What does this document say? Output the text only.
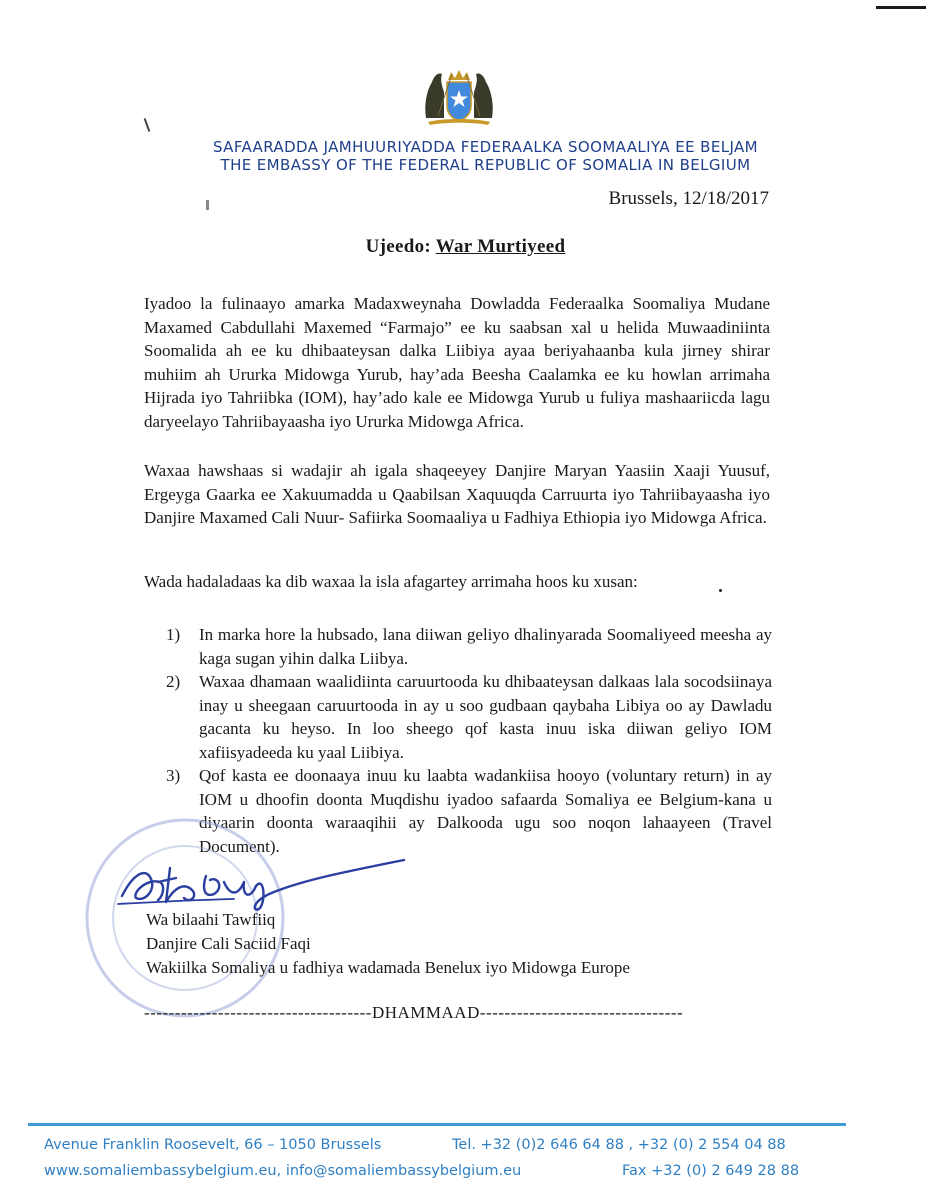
SAFAARADDA JAMHUURIYADDA FEDERAALKA SOOMAALIYA EE BELJAM
THE EMBASSY OF THE FEDERAL REPUBLIC OF SOMALIA IN BELGIUM
Brussels, 12/18/2017
Ujeedo: War Murtiyeed

Iyadoo la fulinaayo amarka Madaxweynaha Dowladda Federaalka Soomaliya Mudane Maxamed Cabdullahi Maxemed “Farmajo” ee ku saabsan xal u helida Muwaadiniinta Soomalida ah ee ku dhibaateysan dalka Liibiya ayaa beriyahaanba kula jirney shirar muhiim ah Ururka Midowga Yurub, hay’ada Beesha Caalamka ee ku howlan arrimaha Hijrada iyo Tahriibka (IOM), hay’ado kale ee Midowga Yurub u fuliya mashaariicda lagu daryeelayo Tahriibayaasha iyo Ururka Midowga Africa.

Waxaa hawshaas si wadajir ah igala shaqeeyey Danjire Maryan Yaasiin Xaaji Yuusuf, Ergeyga Gaarka ee Xakuumadda u Qaabilsan Xaquuqda Carruurta iyo Tahriibayaasha iyo Danjire Maxamed Cali Nuur- Safiirka Soomaaliya u Fadhiya Ethiopia iyo Midowga Africa.

Wada hadaladaas ka dib waxaa la isla afagartey arrimaha hoos ku xusan:

1) In marka hore la hubsado, lana diiwan geliyo dhalinyarada Soomaliyeed meesha ay kaga sugan yihin dalka Liibya.
2) Waxaa dhamaan waalidiinta caruurtooda ku dhibaateysan dalkaas lala socodsiinaya inay u sheegaan caruurtooda in ay u soo gudbaan qaybaha Libiya oo ay Dawladu gacanta ku heyso. In loo sheego qof kasta inuu iska diiwan geliyo IOM xafiisyadeeda ku yaal Liibiya.
3) Qof kasta ee doonaaya inuu ku laabta wadankiisa hooyo (voluntary return) in ay IOM u dhoofin doonta Muqdishu iyadoo safaarda Somaliya ee Belgium-kana u diyaarin doonta waraaqihii ay Dalkooda ugu soo noqon lahaayeen (Travel Document).
Wa bilaahi Tawfiiq
Danjire Cali Saciid Faqi
Wakiilka Somaliya u fadhiya wadamada Benelux iyo Midowga Europe
-------------------------------------DHAMMAAD---------------------------------
Avenue Franklin Roosevelt, 66 – 1050 Brussels	Tel. +32 (0)2 646 64 88 , +32 (0) 2 554 04 88
www.somaliembassybelgium.eu, info@somaliembassybelgium.eu	Fax +32 (0) 2 649 28 88
